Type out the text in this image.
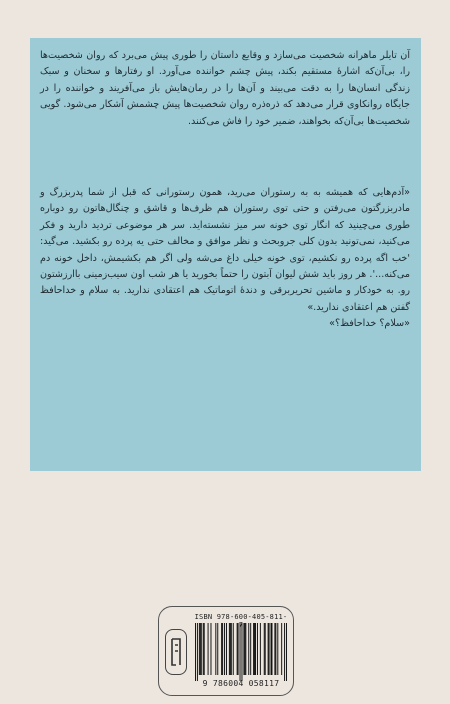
آن تایلر ماهرانه شخصیت می‌سازد و وقایع داستان را طوری پیش می‌برد که روان شخصیت‌ها را، بی‌آن‌که اشارهٔ مستقیم بکند، پیش چشم خواننده می‌آورد. او رفتارها و سخنان و سبک زندگی انسان‌ها را به دقت می‌بیند و آن‌ها را در رمان‌هایش باز می‌آفریند و خواننده را در جایگاه روانکاوی قرار می‌دهد که ذره‌ذره روان شخصیت‌ها پیش چشمش آشکار می‌شود. گویی شخصیت‌ها بی‌آن‌که بخواهند، ضمیر خود را فاش می‌کنند.
«آدم‌هایی که همیشه به به رستوران می‌رید، همون رستورانی که قبل از شما پدربزرگ و مادربزرگتون می‌رفتن و حتی توی رستوران هم ظرف‌ها و قاشق و چنگال‌هاتون رو دوباره طوری می‌چینید که انگار توی خونه سر میز نشسته‌اید. سر هر موضوعی تردید دارید و فکر می‌کنید، نمی‌تونید بدون کلی جروبحث و نظر موافق و مخالف حتی یه پرده رو بکشید. می‌گید: 'خب اگه پرده رو نکشیم، توی خونه خیلی داغ می‌شه ولی اگر هم بکشیمش، داخل خونه دم می‌کنه...'. هر روز باید شش لیوان آبتون را حتماً بخورید یا هر شب اون سیب‌زمینی باارزشتون رو. به خودکار و ماشین تحریربرقی و دندهٔ اتوماتیک هم اعتقادی ندارید. به سلام و خداحافظ گفتن هم اعتقادی ندارید.»
«سلام؟ خداحافظ؟»
ISBN 978-600-405-811-7
9 786004 058117
